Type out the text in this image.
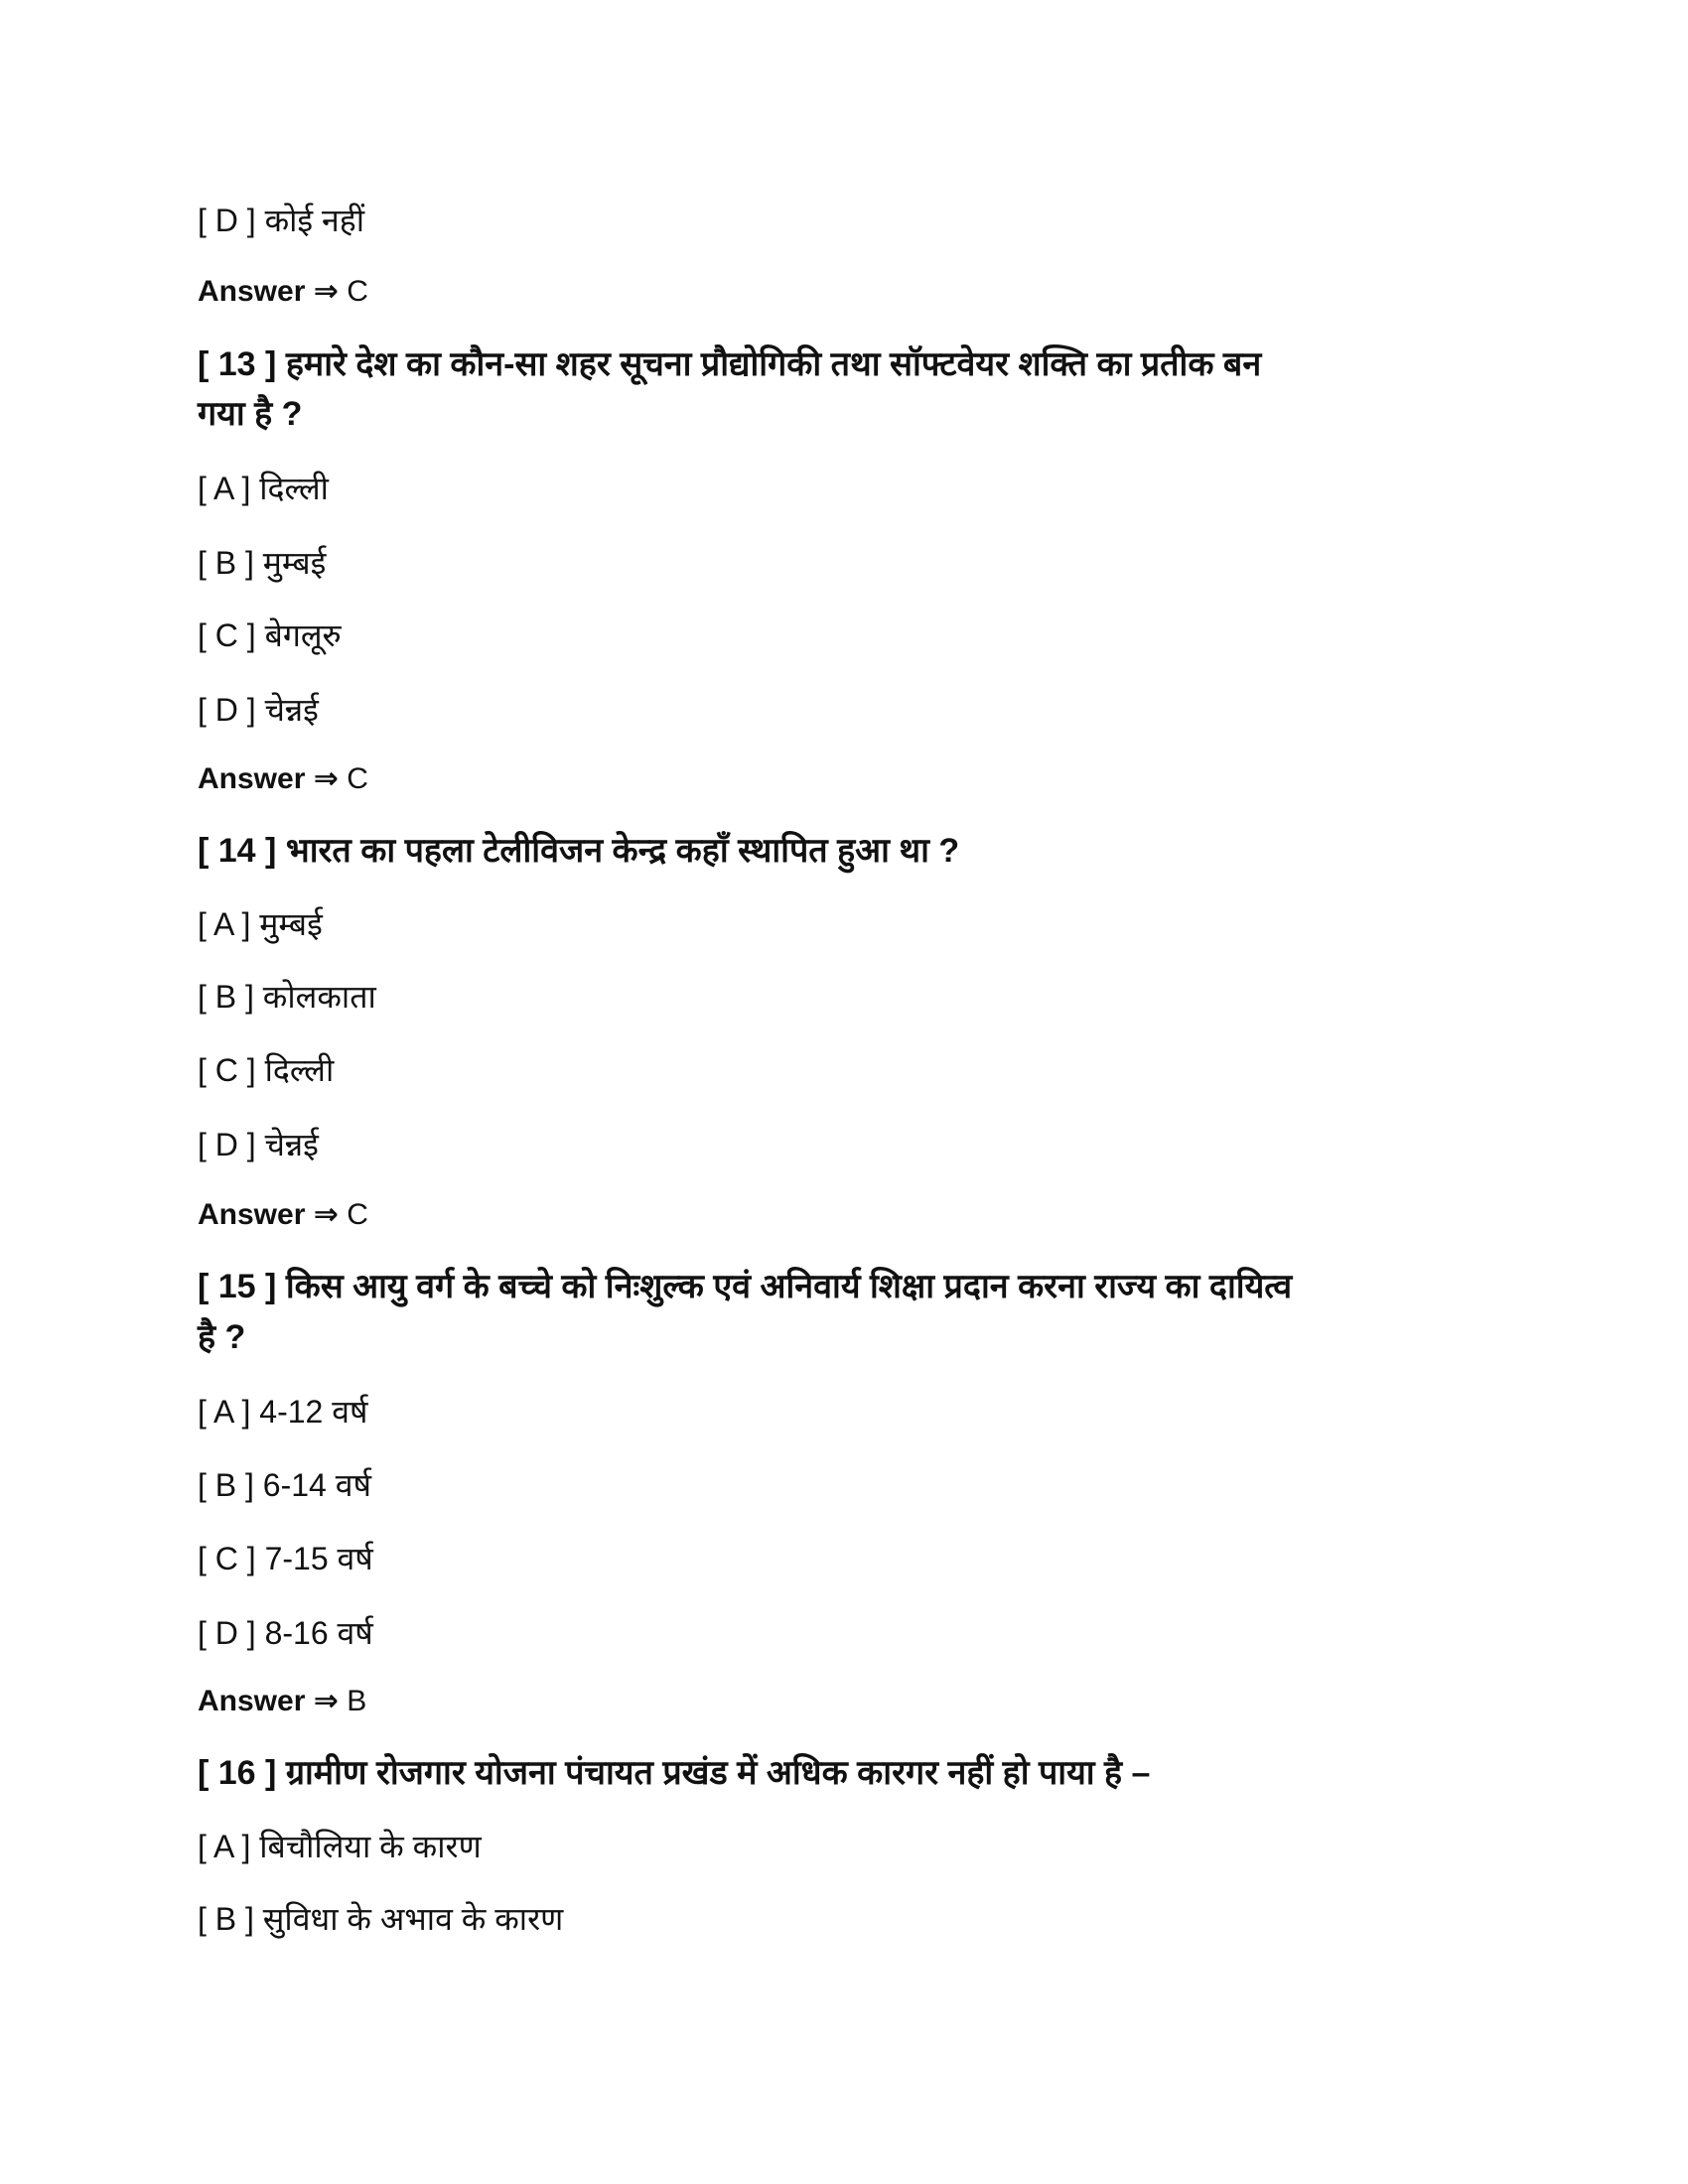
[ D ] कोई नहीं
Answer ⇒ C
[ 13 ] हमारे देश का कौन-सा शहर सूचना प्रौद्योगिकी तथा सॉफ्टवेयर शक्ति का प्रतीक बन
गया है ?
[ A ] दिल्ली
[ B ] मुम्बई
[ C ] बेगलूरु
[ D ] चेन्नई
Answer ⇒ C
[ 14 ] भारत का पहला टेलीविजन केन्द्र कहाँ स्थापित हुआ था ?
[ A ] मुम्बई
[ B ] कोलकाता
[ C ] दिल्ली
[ D ] चेन्नई
Answer ⇒ C
[ 15 ] किस आयु वर्ग के बच्चे को निःशुल्क एवं अनिवार्य शिक्षा प्रदान करना राज्य का दायित्व
है ?
[ A ] 4-12 वर्ष
[ B ] 6-14 वर्ष
[ C ] 7-15 वर्ष
[ D ] 8-16 वर्ष
Answer ⇒ B
[ 16 ] ग्रामीण रोजगार योजना पंचायत प्रखंड में अधिक कारगर नहीं हो पाया है –
[ A ] बिचौलिया के कारण
[ B ] सुविधा के अभाव के कारण
